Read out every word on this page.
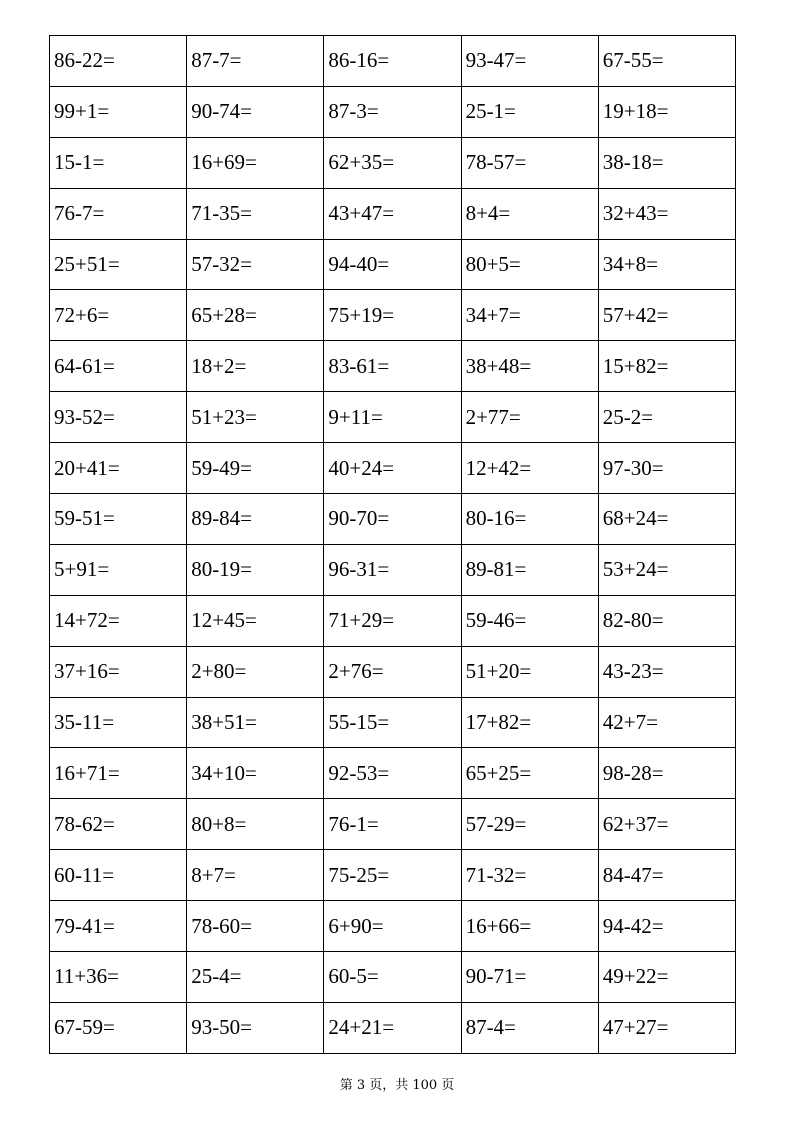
86-22=	87-7=	86-16=	93-47=	67-55=
99+1=	90-74=	87-3=	25-1=	19+18=
15-1=	16+69=	62+35=	78-57=	38-18=
76-7=	71-35=	43+47=	8+4=	32+43=
25+51=	57-32=	94-40=	80+5=	34+8=
72+6=	65+28=	75+19=	34+7=	57+42=
64-61=	18+2=	83-61=	38+48=	15+82=
93-52=	51+23=	9+11=	2+77=	25-2=
20+41=	59-49=	40+24=	12+42=	97-30=
59-51=	89-84=	90-70=	80-16=	68+24=
5+91=	80-19=	96-31=	89-81=	53+24=
14+72=	12+45=	71+29=	59-46=	82-80=
37+16=	2+80=	2+76=	51+20=	43-23=
35-11=	38+51=	55-15=	17+82=	42+7=
16+71=	34+10=	92-53=	65+25=	98-28=
78-62=	80+8=	76-1=	57-29=	62+37=
60-11=	8+7=	75-25=	71-32=	84-47=
79-41=	78-60=	6+90=	16+66=	94-42=
11+36=	25-4=	60-5=	90-71=	49+22=
67-59=	93-50=	24+21=	87-4=	47+27=
第 3 页，共 100 页
